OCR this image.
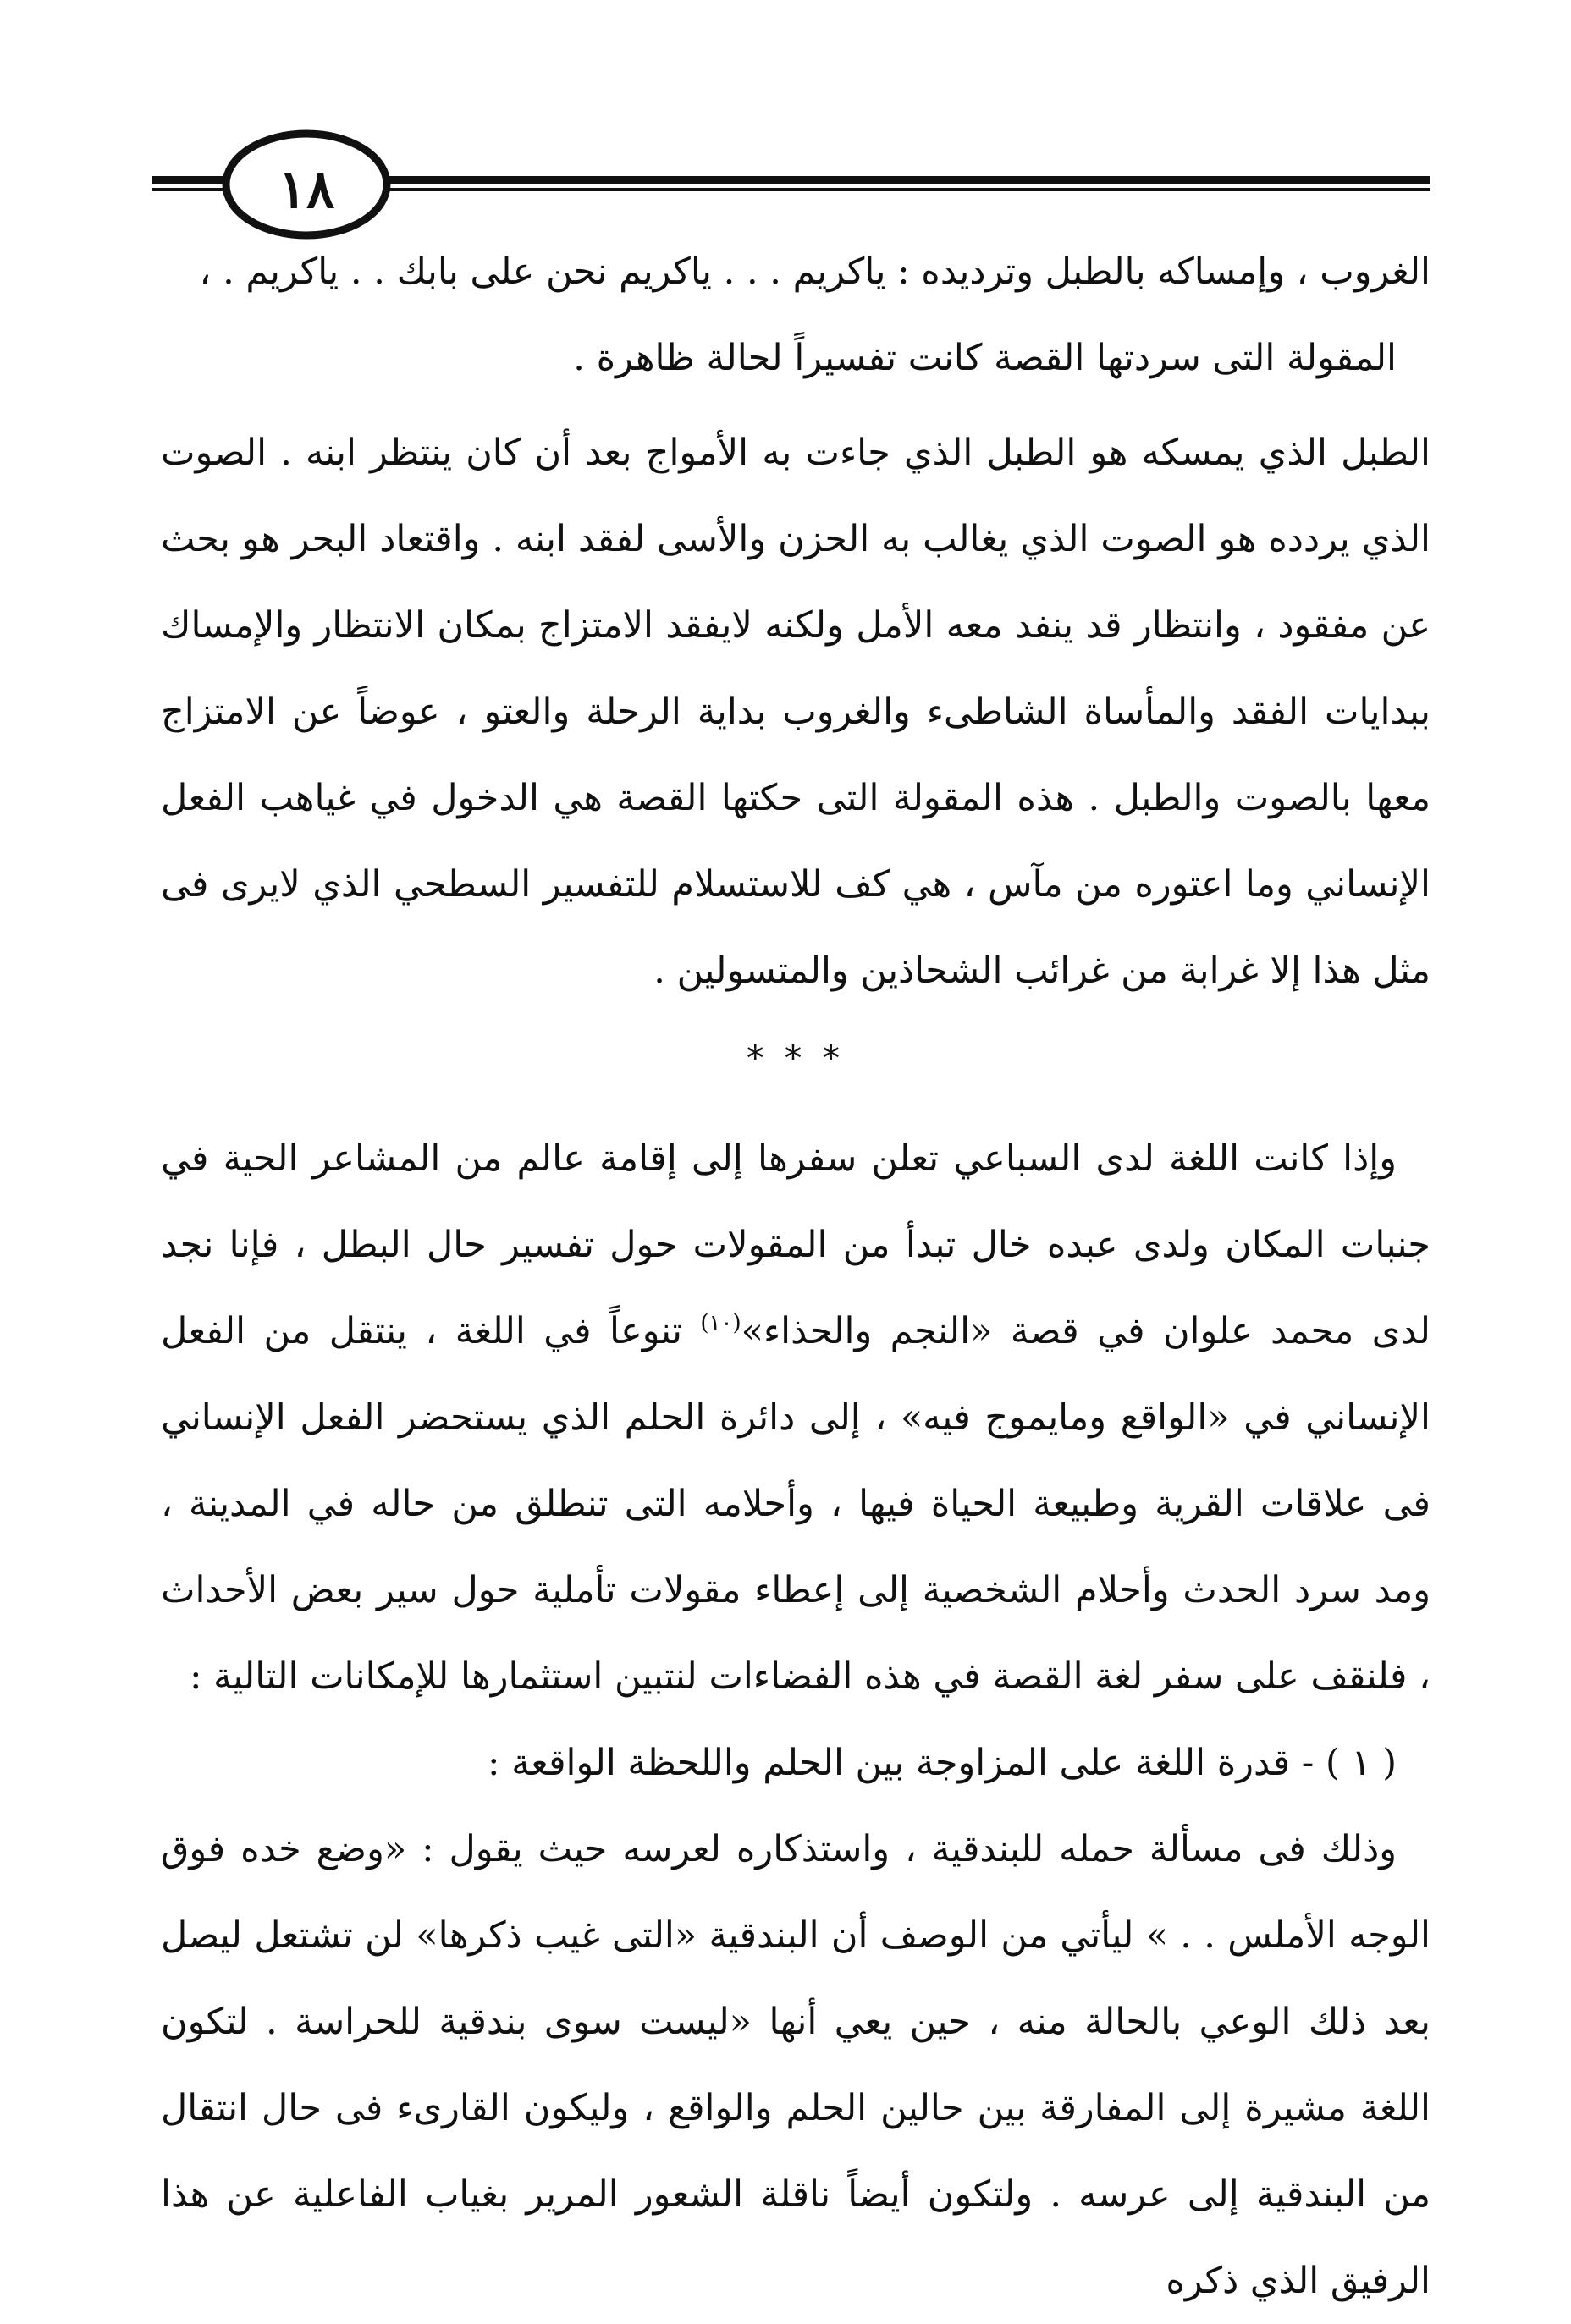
١٨

الغروب ، وإمساكه بالطبل وترديده : ياكريم . . . ياكريم نحن على بابك . . ياكريم . ،

المقولة التى سردتها القصة كانت تفسيراً لحالة ظاهرة .

الطبل الذي يمسكه هو الطبل الذي جاءت به الأمواج بعد أن كان ينتظر ابنه . الصوت الذي يردده هو الصوت الذي يغالب به الحزن والأسى لفقد ابنه . واقتعاد البحر هو بحث عن مفقود ، وانتظار قد ينفد معه الأمل ولكنه لايفقد الامتزاج بمكان الانتظار والإمساك ببدايات الفقد والمأساة الشاطىء والغروب بداية الرحلة والعتو ، عوضاً عن الامتزاج معها بالصوت والطبل . هذه المقولة التى حكتها القصة هي الدخول في غياهب الفعل الإنساني وما اعتوره من مآس ، هي كف للاستسلام للتفسير السطحي الذي لايرى فى مثل هذا إلا غرابة من غرائب الشحاذين والمتسولين .

* * *

وإذا كانت اللغة لدى السباعي تعلن سفرها إلى إقامة عالم من المشاعر الحية في جنبات المكان ولدى عبده خال تبدأ من المقولات حول تفسير حال البطل ، فإنا نجد لدى محمد علوان في قصة «النجم والحذاء»$^{(١٠)}$ تنوعاً في اللغة ، ينتقل من الفعل الإنساني في «الواقع ومايموج فيه» ، إلى دائرة الحلم الذي يستحضر الفعل الإنساني فى علاقات القرية وطبيعة الحياة فيها ، وأحلامه التى تنطلق من حاله في المدينة ، ومد سرد الحدث وأحلام الشخصية إلى إعطاء مقولات تأملية حول سير بعض الأحداث ، فلنقف على سفر لغة القصة في هذه الفضاءات لنتبين استثمارها للإمكانات التالية :

( ١ ) - قدرة اللغة على المزاوجة بين الحلم واللحظة الواقعة :

وذلك فى مسألة حمله للبندقية ، واستذكاره لعرسه حيث يقول : «وضع خده فوق الوجه الأملس . . » ليأتي من الوصف أن البندقية «التى غيب ذكرها» لن تشتعل ليصل بعد ذلك الوعي بالحالة منه ، حين يعي أنها «ليست سوى بندقية للحراسة . لتكون اللغة مشيرة إلى المفارقة بين حالين الحلم والواقع ، وليكون القارىء فى حال انتقال من البندقية إلى عرسه . ولتكون أيضاً ناقلة الشعور المرير بغياب الفاعلية عن هذا الرفيق الذي ذكره
